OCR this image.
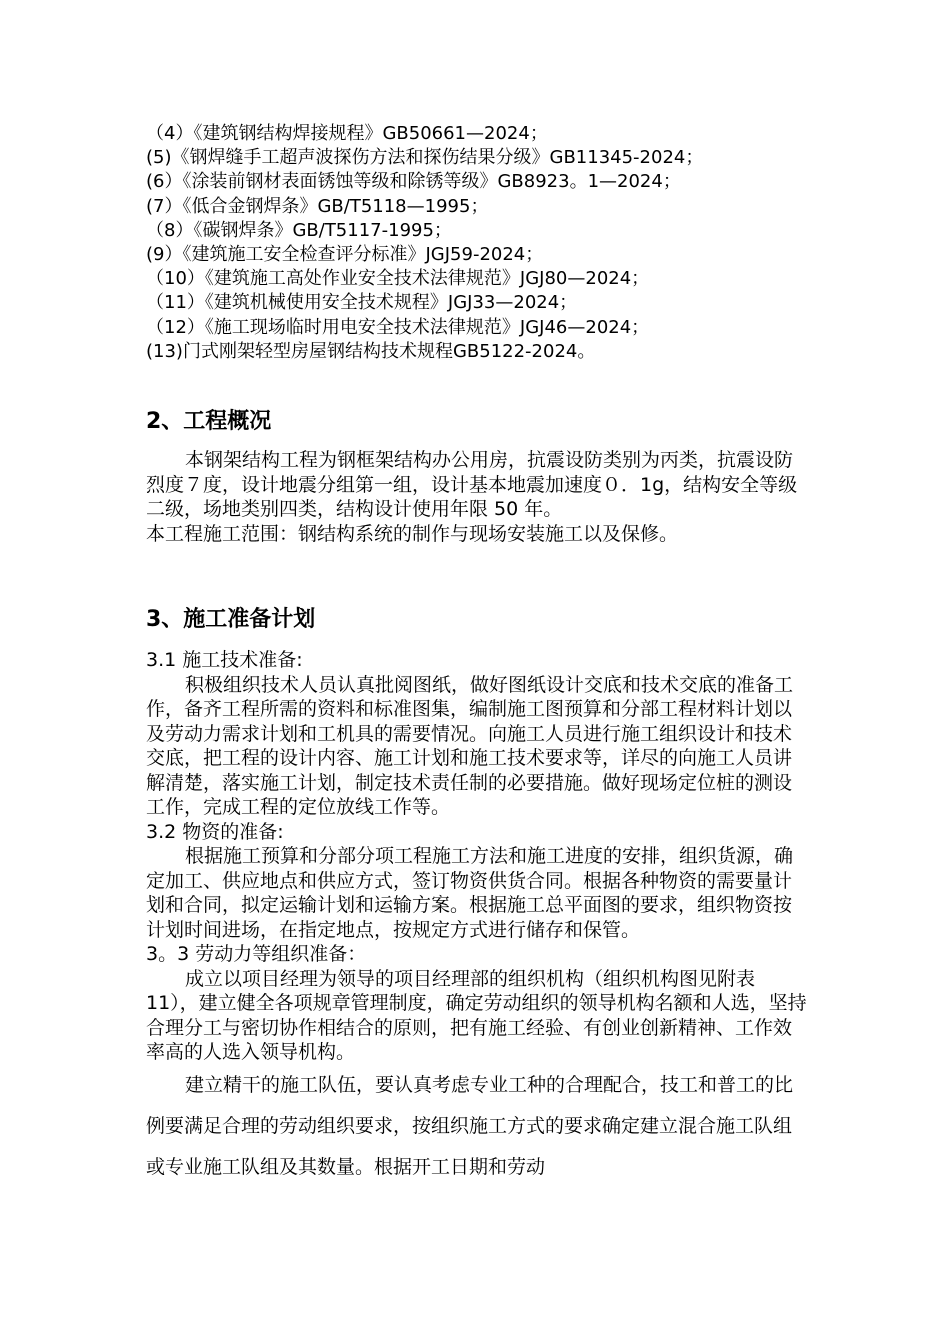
（4）《建筑钢结构焊接规程》GB50661—2024；
(5)《钢焊缝手工超声波探伤方法和探伤结果分级》GB11345-2024；
(6）《涂装前钢材表面锈蚀等级和除锈等级》GB8923。1—2024；
(7）《低合金钢焊条》GB/T5118—1995；
（8）《碳钢焊条》GB/T5117-1995；
(9）《建筑施工安全检查评分标准》JGJ59-2024；
（10）《建筑施工高处作业安全技术法律规范》JGJ80—2024；
（11）《建筑机械使用安全技术规程》JGJ33—2024；
（12）《施工现场临时用电安全技术法律规范》JGJ46—2024；
(13)门式刚架轻型房屋钢结构技术规程GB5122-2024。
2、工程概况

本钢架结构工程为钢框架结构办公用房，抗震设防类别为丙类，抗震设防烈度７度，设计地震分组第一组，设计基本地震加速度０．1g，结构安全等级二级，场地类别四类，结构设计使用年限 50 年。

本工程施工范围：钢结构系统的制作与现场安装施工以及保修。

3、施工准备计划

3.1 施工技术准备:

积极组织技术人员认真批阅图纸，做好图纸设计交底和技术交底的准备工作，备齐工程所需的资料和标准图集，编制施工图预算和分部工程材料计划以及劳动力需求计划和工机具的需要情况。向施工人员进行施工组织设计和技术交底，把工程的设计内容、施工计划和施工技术要求等，详尽的向施工人员讲解清楚，落实施工计划，制定技术责任制的必要措施。做好现场定位桩的测设工作，完成工程的定位放线工作等。

3.2 物资的准备:

根据施工预算和分部分项工程施工方法和施工进度的安排，组织货源，确定加工、供应地点和供应方式，签订物资供货合同。根据各种物资的需要量计划和合同，拟定运输计划和运输方案。根据施工总平面图的要求，组织物资按计划时间进场，在指定地点，按规定方式进行储存和保管。

3。3 劳动力等组织准备：

成立以项目经理为领导的项目经理部的组织机构（组织机构图见附表 11），建立健全各项规章管理制度，确定劳动组织的领导机构名额和人选，坚持合理分工与密切协作相结合的原则，把有施工经验、有创业创新精神、工作效率高的人选入领导机构。

建立精干的施工队伍，要认真考虑专业工种的合理配合，技工和普工的比例要满足合理的劳动组织要求，按组织施工方式的要求确定建立混合施工队组或专业施工队组及其数量。根据开工日期和劳动
